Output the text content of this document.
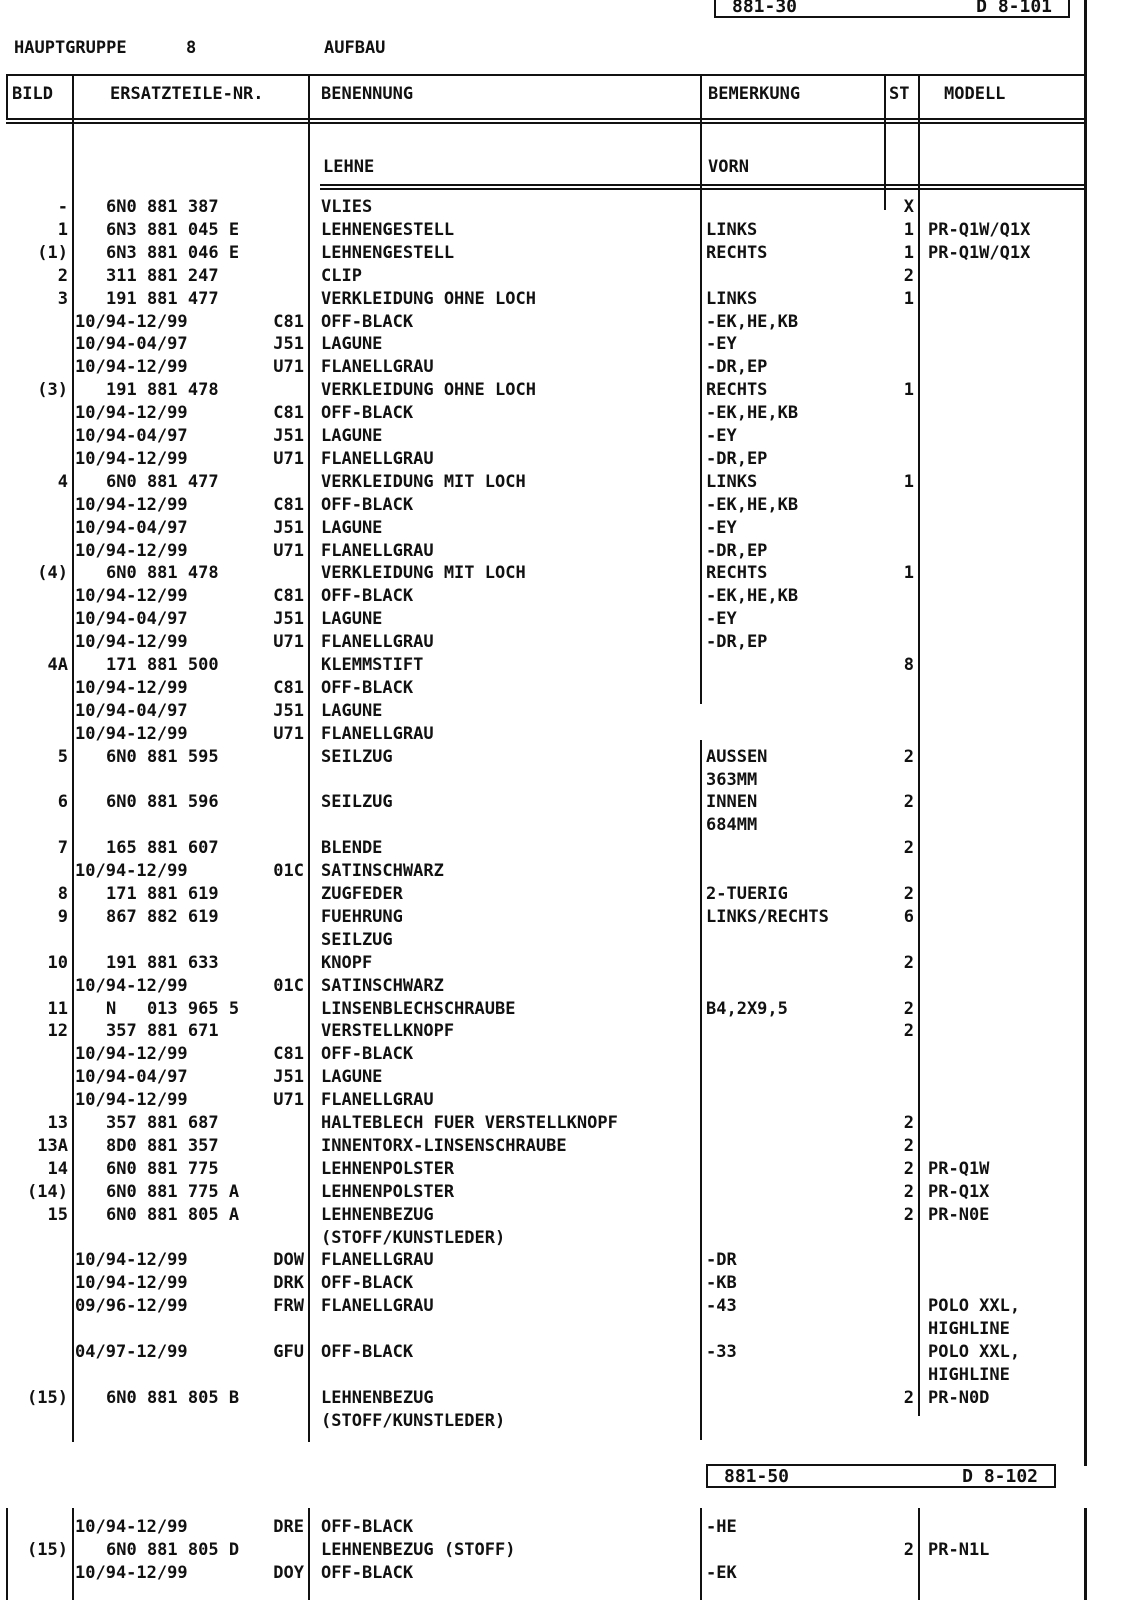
881-30	D 8-101
HAUPTGRUPPE	8	AUFBAU
BILD	ERSATZTEILE-NR.	BENENNUNG	BEMERKUNG	ST MODELL
LEHNE	VORN
- 6N0 881 387	VLIES	X
1 6N3 881 045 E	LEHNENGESTELL	LINKS	1 PR-Q1W/Q1X
(1) 6N3 881 046 E	LEHNENGESTELL	RECHTS	1 PR-Q1W/Q1X
2 311 881 247	CLIP	2
3 191 881 477	VERKLEIDUNG OHNE LOCH	LINKS	1
10/94-12/99	C81 OFF-BLACK	-EK,HE,KB
10/94-04/97	J51 LAGUNE	-EY
10/94-12/99	U71 FLANELLGRAU	-DR,EP
(3) 191 881 478	VERKLEIDUNG OHNE LOCH	RECHTS	1
10/94-12/99	C81 OFF-BLACK	-EK,HE,KB
10/94-04/97	J51 LAGUNE	-EY
10/94-12/99	U71 FLANELLGRAU	-DR,EP
4 6N0 881 477	VERKLEIDUNG MIT LOCH	LINKS	1
10/94-12/99	C81 OFF-BLACK	-EK,HE,KB
10/94-04/97	J51 LAGUNE	-EY
10/94-12/99	U71 FLANELLGRAU	-DR,EP
(4) 6N0 881 478	VERKLEIDUNG MIT LOCH	RECHTS	1
10/94-12/99	C81 OFF-BLACK	-EK,HE,KB
10/94-04/97	J51 LAGUNE	-EY
10/94-12/99	U71 FLANELLGRAU	-DR,EP
4A 171 881 500	KLEMMSTIFT	8
10/94-12/99	C81 OFF-BLACK
10/94-04/97	J51 LAGUNE
10/94-12/99	U71 FLANELLGRAU
5 6N0 881 595	SEILZUG	AUSSEN	2
363MM
6 6N0 881 596	SEILZUG	INNEN	2
684MM
7 165 881 607	BLENDE	2
10/94-12/99	01C SATINSCHWARZ
8 171 881 619	ZUGFEDER	2-TUERIG	2
9 867 882 619	FUEHRUNG	LINKS/RECHTS	6
SEILZUG
10 191 881 633	KNOPF	2
10/94-12/99	01C SATINSCHWARZ
11 N   013 965 5	LINSENBLECHSCHRAUBE	B4,2X9,5	2
12 357 881 671	VERSTELLKNOPF	2
10/94-12/99	C81 OFF-BLACK
10/94-04/97	J51 LAGUNE
10/94-12/99	U71 FLANELLGRAU
13 357 881 687	HALTEBLECH FUER VERSTELLKNOPF	2
13A 8D0 881 357	INNENTORX-LINSENSCHRAUBE	2
14 6N0 881 775	LEHNENPOLSTER	2 PR-Q1W
(14) 6N0 881 775 A	LEHNENPOLSTER	2 PR-Q1X
15 6N0 881 805 A	LEHNENBEZUG	2 PR-N0E
(STOFF/KUNSTLEDER)
10/94-12/99	DOW FLANELLGRAU	-DR
10/94-12/99	DRK OFF-BLACK	-KB
09/96-12/99	FRW FLANELLGRAU	-43	POLO XXL,
HIGHLINE
04/97-12/99	GFU OFF-BLACK	-33	POLO XXL,
HIGHLINE
(15) 6N0 881 805 B	LEHNENBEZUG	2 PR-N0D
(STOFF/KUNSTLEDER)
881-50	D 8-102
10/94-12/99	DRE OFF-BLACK	-HE
(15) 6N0 881 805 D	LEHNENBEZUG (STOFF)	2 PR-N1L
10/94-12/99	DOY OFF-BLACK	-EK
